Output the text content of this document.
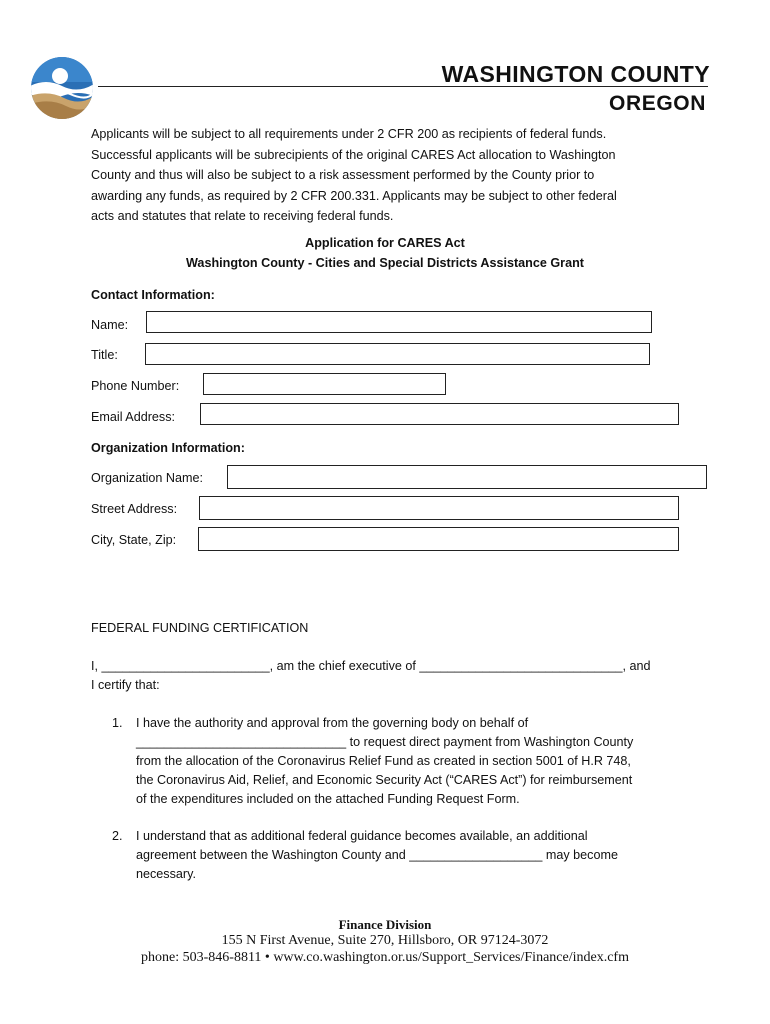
WASHINGTON COUNTY
OREGON
Applicants will be subject to all requirements under 2 CFR 200 as recipients of federal funds.
Successful applicants will be subrecipients of the original CARES Act allocation to Washington
County and thus will also be subject to a risk assessment performed by the County prior to
awarding any funds, as required by 2 CFR 200.331. Applicants may be subject to other federal
acts and statutes that relate to receiving federal funds.
Application for CARES Act
Washington County - Cities and Special Districts Assistance Grant
Contact Information:
Name:
Title:
Phone Number:
Email Address:
Organization Information:
Organization Name:
Street Address:
City, State, Zip:
FEDERAL FUNDING CERTIFICATION
I, ________________________, am the chief executive of _____________________________, and
I certify that:
1. I have the authority and approval from the governing body on behalf of
______________________________ to request direct payment from Washington County
from the allocation of the Coronavirus Relief Fund as created in section 5001 of H.R 748,
the Coronavirus Aid, Relief, and Economic Security Act (“CARES Act”) for reimbursement
of the expenditures included on the attached Funding Request Form.
2. I understand that as additional federal guidance becomes available, an additional
agreement between the Washington County and ___________________ may become
necessary.
Finance Division
155 N First Avenue, Suite 270, Hillsboro, OR 97124-3072
phone: 503-846-8811 • www.co.washington.or.us/Support_Services/Finance/index.cfm
